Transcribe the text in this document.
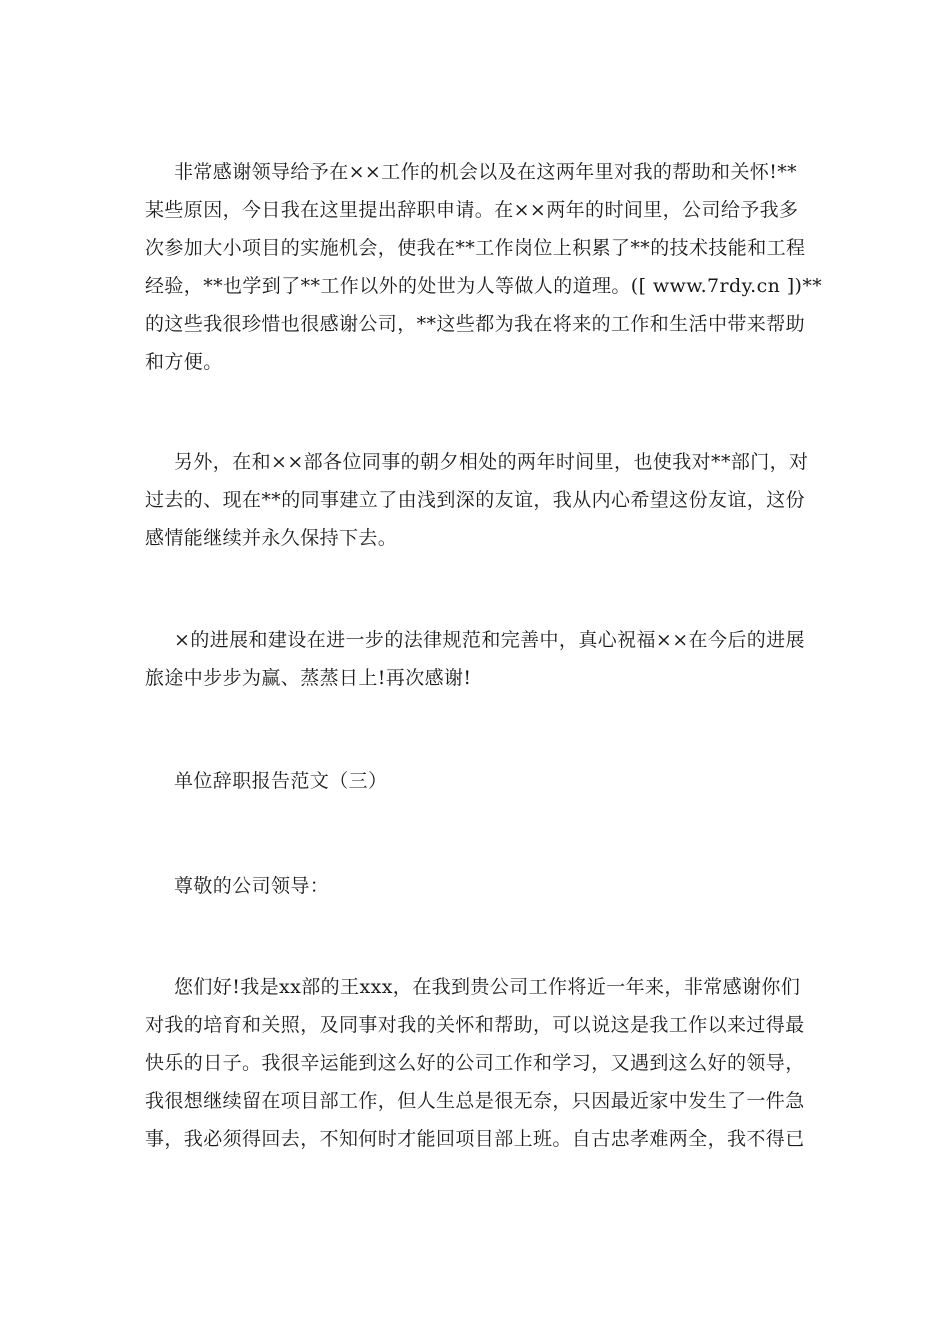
非常感谢领导给予在××工作的机会以及在这两年里对我的帮助和关怀!**
某些原因，今日我在这里提出辞职申请。在××两年的时间里，公司给予我多
次参加大小项目的实施机会，使我在**工作岗位上积累了**的技术技能和工程
经验，**也学到了**工作以外的处世为人等做人的道理。([ www.7rdy.cn ])**
的这些我很珍惜也很感谢公司，**这些都为我在将来的工作和生活中带来帮助
和方便。
另外，在和××部各位同事的朝夕相处的两年时间里，也使我对**部门，对
过去的、现在**的同事建立了由浅到深的友谊，我从内心希望这份友谊，这份
感情能继续并永久保持下去。
×的进展和建设在进一步的法律规范和完善中，真心祝福××在今后的进展
旅途中步步为赢、蒸蒸日上!再次感谢!
单位辞职报告范文（三）
尊敬的公司领导：
您们好!我是xx部的王xxx，在我到贵公司工作将近一年来，非常感谢你们
对我的培育和关照，及同事对我的关怀和帮助，可以说这是我工作以来过得最
快乐的日子。我很辛运能到这么好的公司工作和学习，又遇到这么好的领导，
我很想继续留在项目部工作，但人生总是很无奈，只因最近家中发生了一件急
事，我必须得回去，不知何时才能回项目部上班。自古忠孝难两全，我不得已
